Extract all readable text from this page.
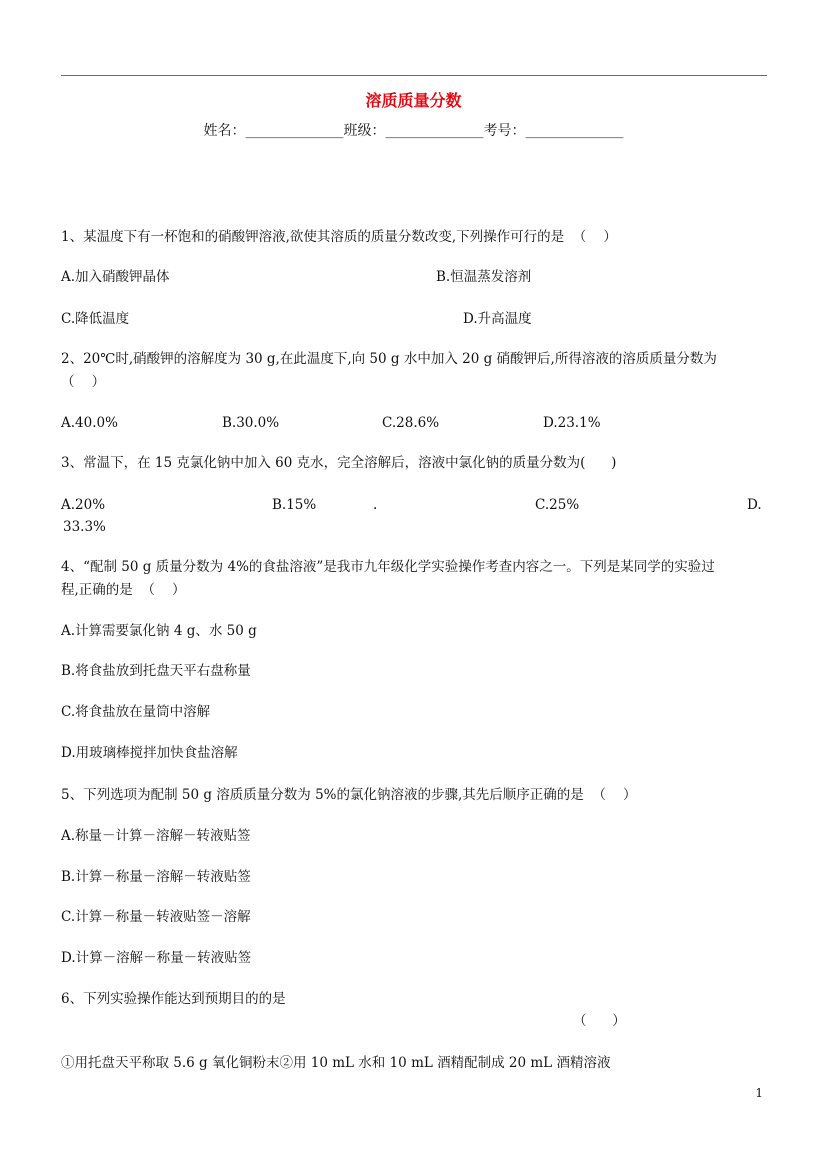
溶质质量分数
姓名：______________班级：______________考号：______________
1、某温度下有一杯饱和的硝酸钾溶液,欲使其溶质的质量分数改变,下列操作可行的是  （    ）
A.加入硝酸钾晶体	B.恒温蒸发溶剂
C.降低温度	D.升高温度
2、20℃时,硝酸钾的溶解度为 30 g,在此温度下,向 50 g 水中加入 20 g 硝酸钾后,所得溶液的溶质质量分数为
（    ）
A.40.0%	B.30.0%	C.28.6%	D.23.1%
3、常温下，在 15 克氯化钠中加入 60 克水，完全溶解后，溶液中氯化钠的质量分数为(      )
A.20%	B.15%	.	C.25%	D.
33.3%
4、“配制 50 g 质量分数为 4%的食盐溶液”是我市九年级化学实验操作考查内容之一。下列是某同学的实验过
程,正确的是  （    ）
A.计算需要氯化钠 4 g、水 50 g
B.将食盐放到托盘天平右盘称量
C.将食盐放在量筒中溶解
D.用玻璃棒搅拌加快食盐溶解
5、下列选项为配制 50 g 溶质质量分数为 5%的氯化钠溶液的步骤,其先后顺序正确的是  （    ）
A.称量－计算－溶解－转液贴签
B.计算－称量－溶解－转液贴签
C.计算－称量－转液贴签－溶解
D.计算－溶解－称量－转液贴签
6、下列实验操作能达到预期目的的是
（      ）
①用托盘天平称取 5.6 g 氧化铜粉末②用 10 mL 水和 10 mL 酒精配制成 20 mL 酒精溶液
1
